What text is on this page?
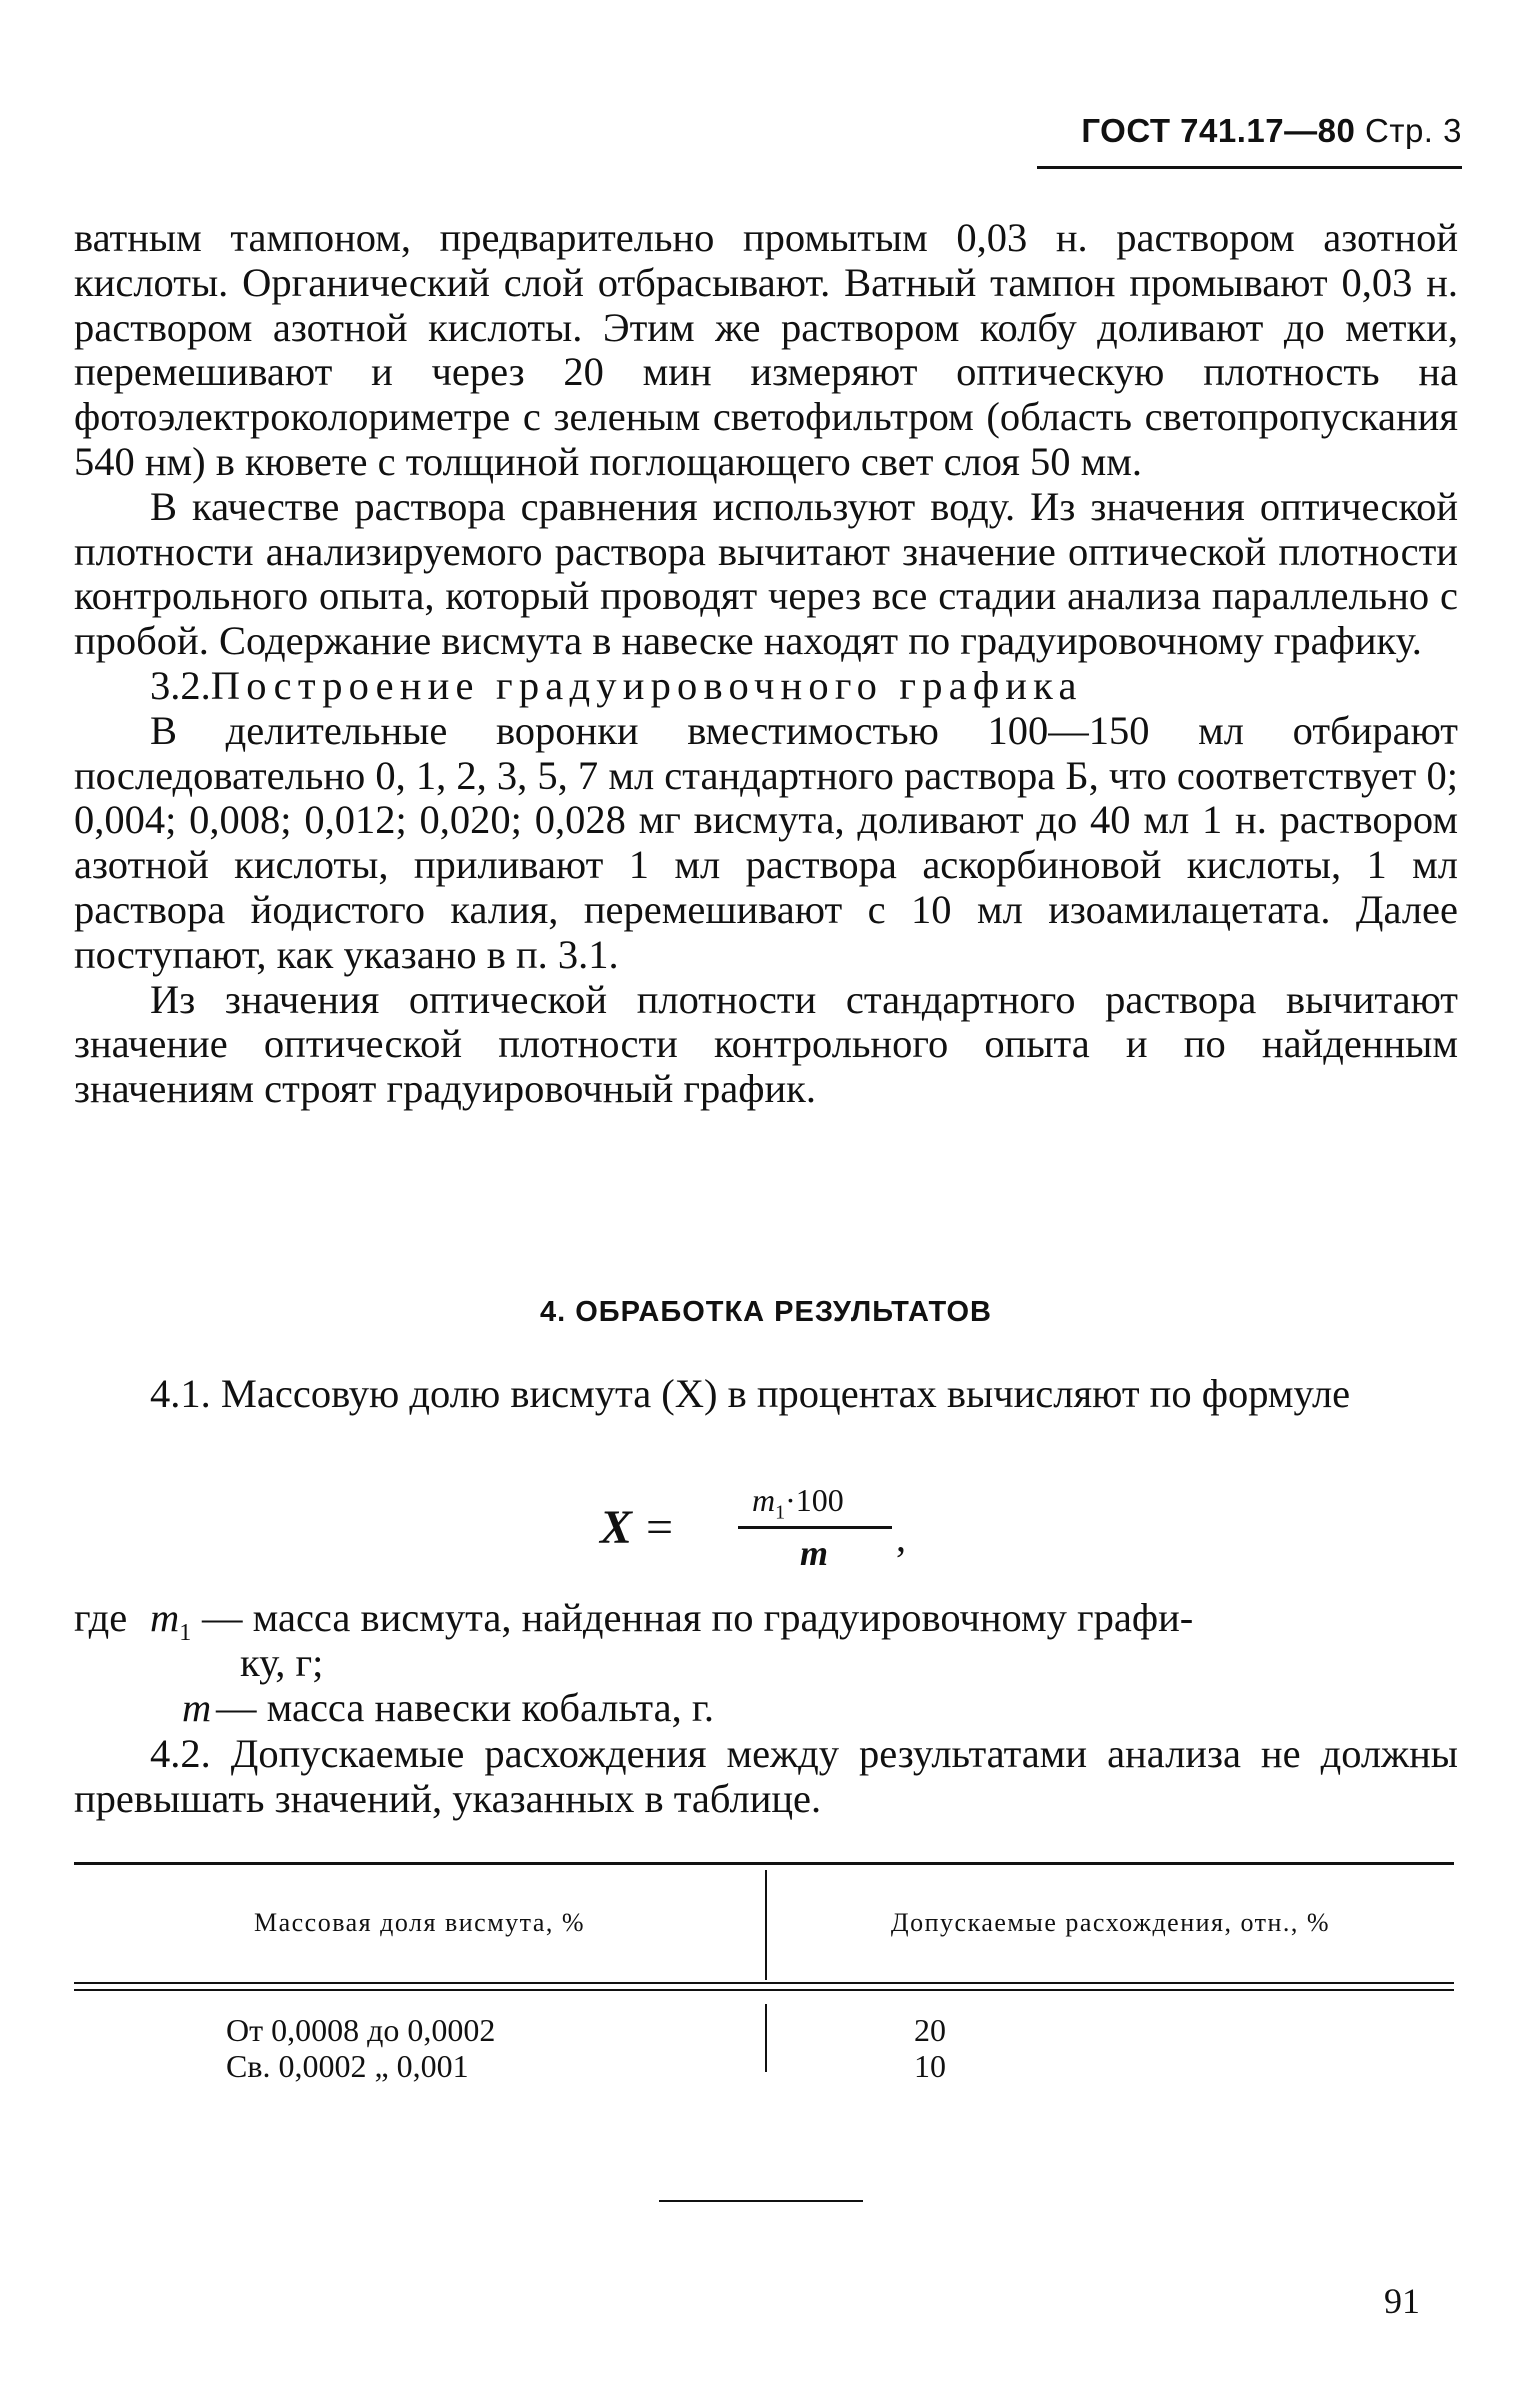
ГОСТ 741.17—80 Стр. 3

ватным тампоном, предварительно промытым 0,03 н. раствором азотной кислоты. Органический слой отбрасывают. Ватный тампон промывают 0,03 н. раствором азотной кислоты. Этим же раствором колбу доливают до метки, перемешивают и через 20 мин измеряют оптическую плотность на фотоэлектроколориметре с зеленым светофильтром (область светопропускания 540 нм) в кювете с толщиной поглощающего свет слоя 50 мм.

В качестве раствора сравнения используют воду. Из значения оптической плотности анализируемого раствора вычитают значение оптической плотности контрольного опыта, который проводят через все стадии анализа параллельно с пробой. Содержание висмута в навеске находят по градуировочному графику.

3.2.Построение градуировочного графика

В делительные воронки вместимостью 100—150 мл отбирают последовательно 0, 1, 2, 3, 5, 7 мл стандартного раствора Б, что соответствует 0; 0,004; 0,008; 0,012; 0,020; 0,028 мг висмута, доливают до 40 мл 1 н. раствором азотной кислоты, приливают 1 мл раствора аскорбиновой кислоты, 1 мл раствора йодистого калия, перемешивают с 10 мл изоамилацетата. Далее поступают, как указано в п. 3.1.

Из значения оптической плотности стандартного раствора вычитают значение оптической плотности контрольного опыта и по найденным значениям строят градуировочный график.

4. ОБРАБОТКА РЕЗУЛЬТАТОВ

4.1. Массовую долю висмута (X) в процентах вычисляют по формуле

X =
$m_1\cdot 100$
m ,
где $m_1$ — масса висмута, найденная по градуировочному графи-
ку, г;
m — масса навески кобальта, г.

4.2. Допускаемые расхождения между результатами анализа не должны превышать значений, указанных в таблице.

Массовая доля висмута, %	Допускаемые расхождения, отн., %
От 0,0008 до 0,0002	20
Св. 0,0002 „ 0,001	10
91
